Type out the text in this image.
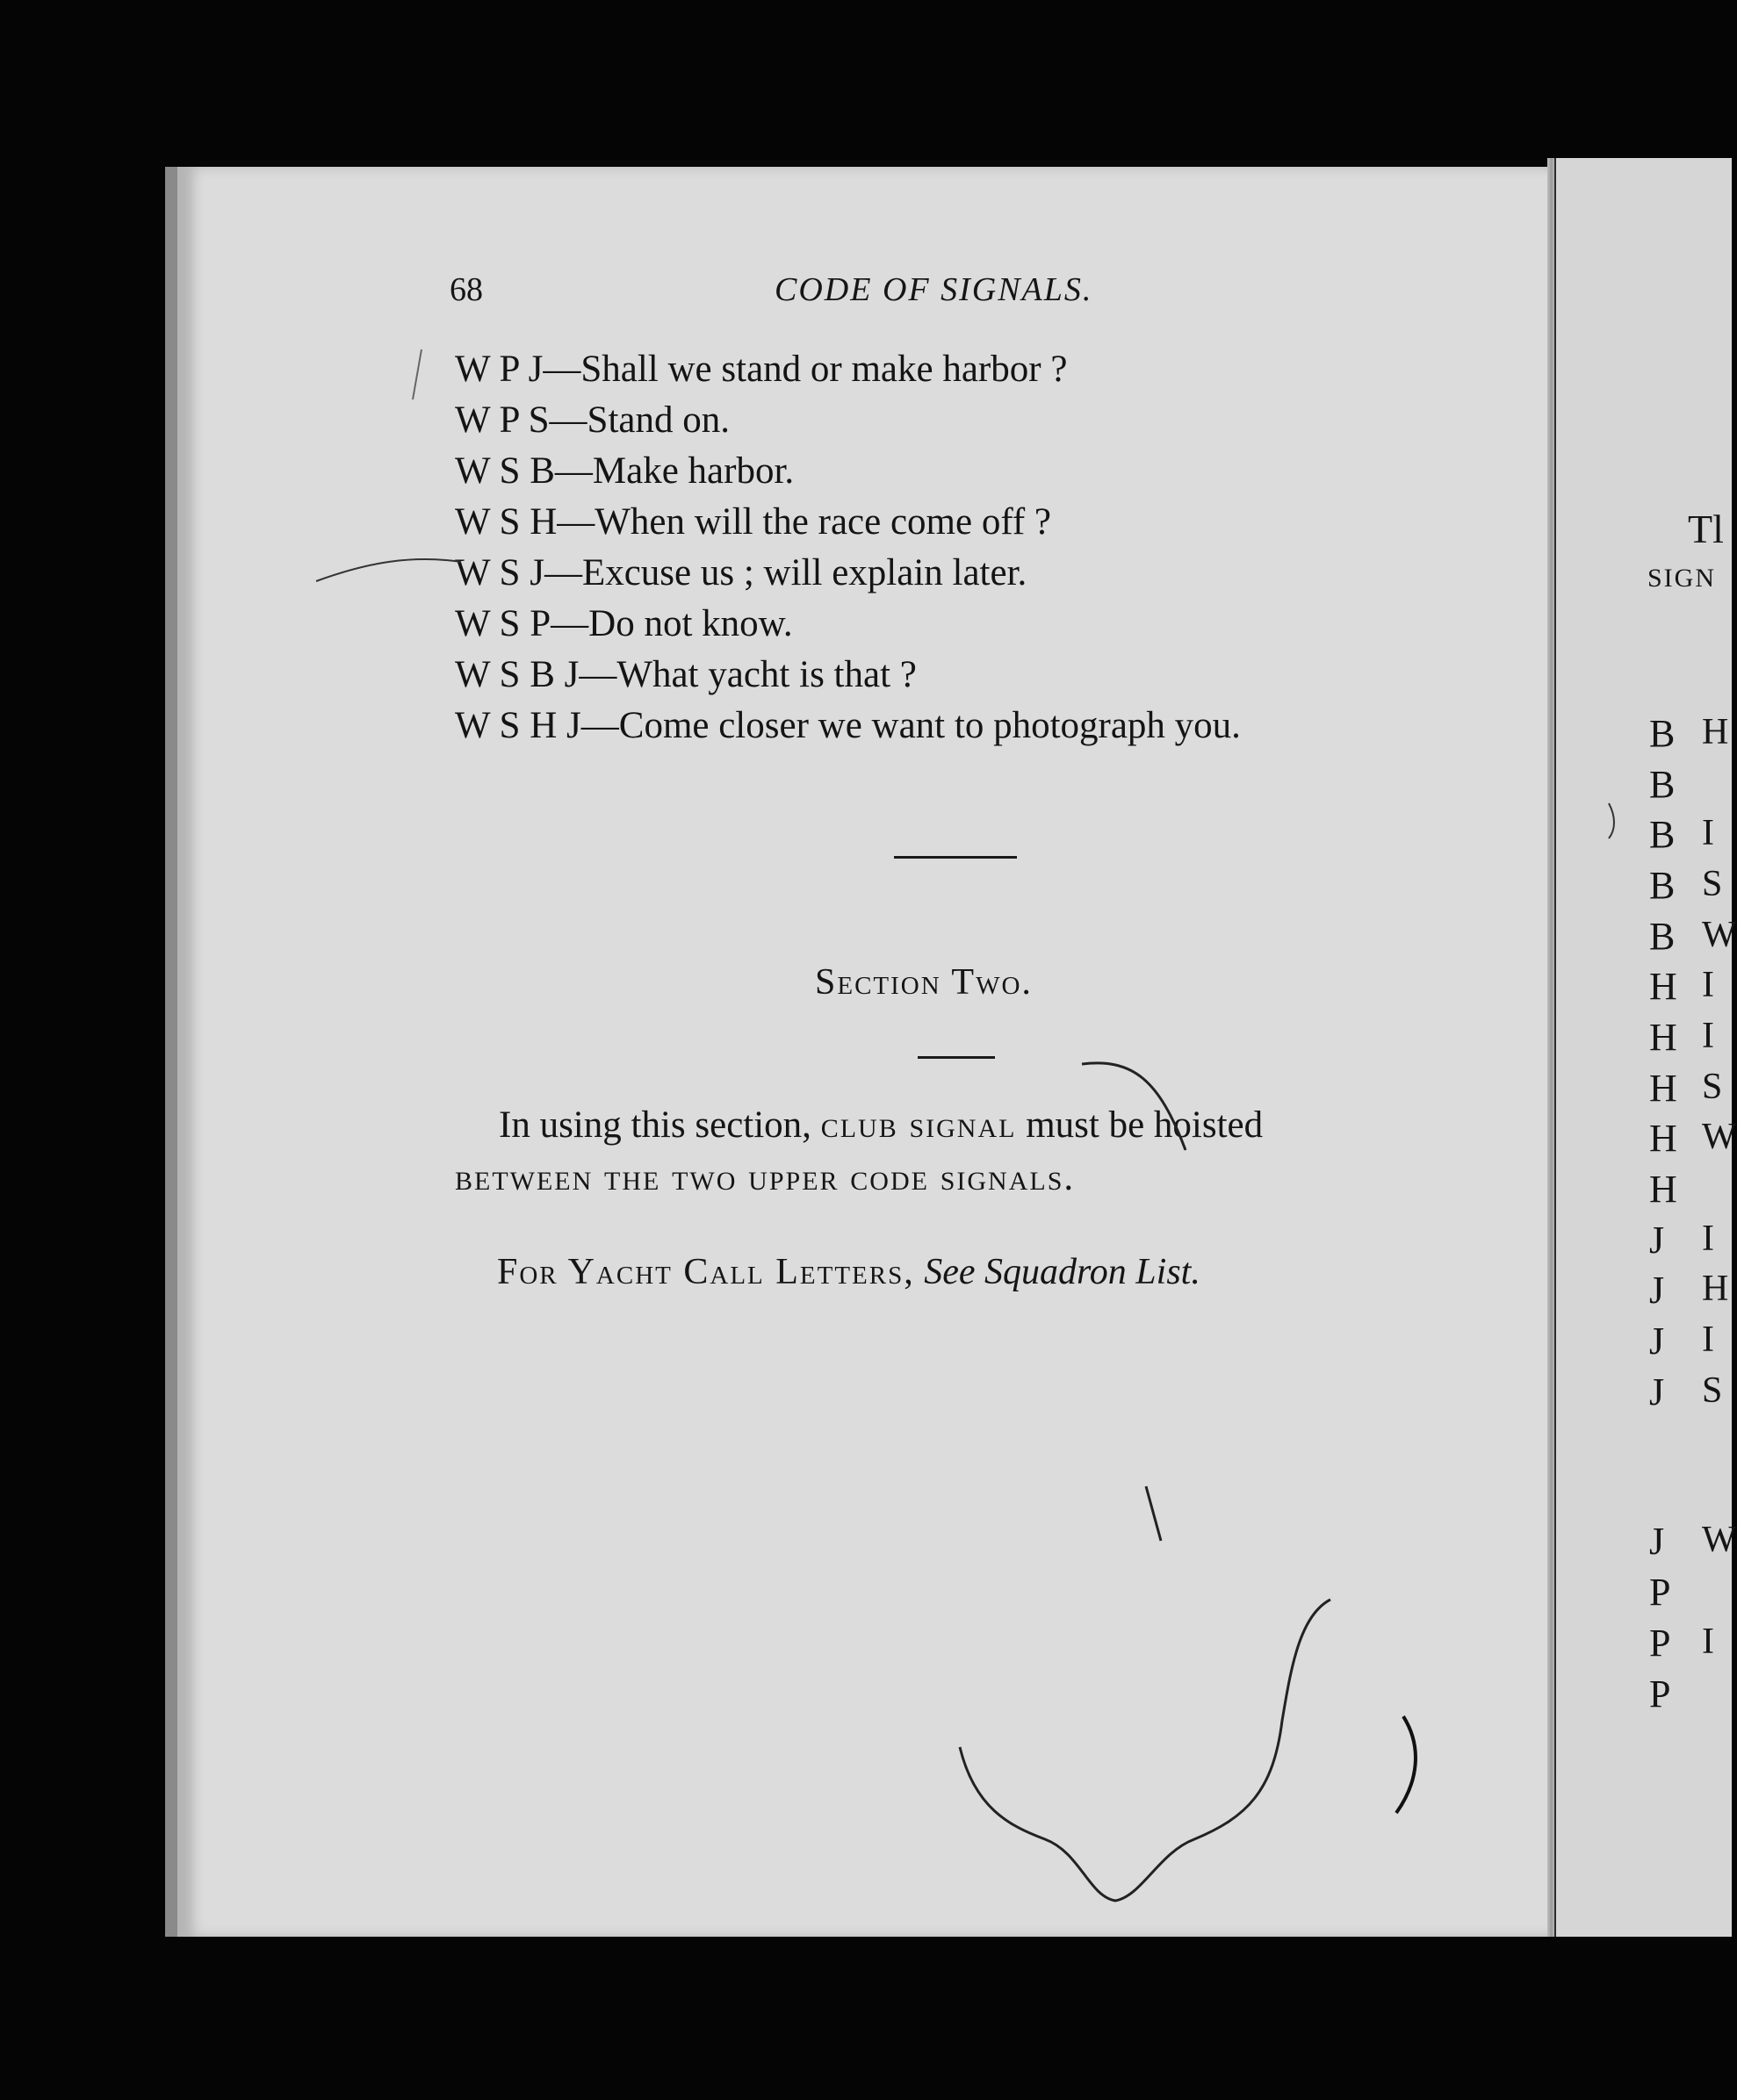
68	CODE OF SIGNALS.
W P J—Shall we stand or make harbor ?
W P S—Stand on.
W S B—Make harbor.
W S H—When will the race come off ?
W S J—Excuse us ; will explain later.
W S P—Do not know.
W S B J—What yacht is that ?
W S H J—Come closer we want to photograph you.
Section Two.
In using this section, club signal must be hoisted
between the two upper code signals.
For Yacht Call Letters, See Squadron List.
Tl
SIGN
B H
B
B I
B S
B W
H I
H I
H S
H W
H
J	I
J	H
J	I
J	S
J	W
P
P I
P
